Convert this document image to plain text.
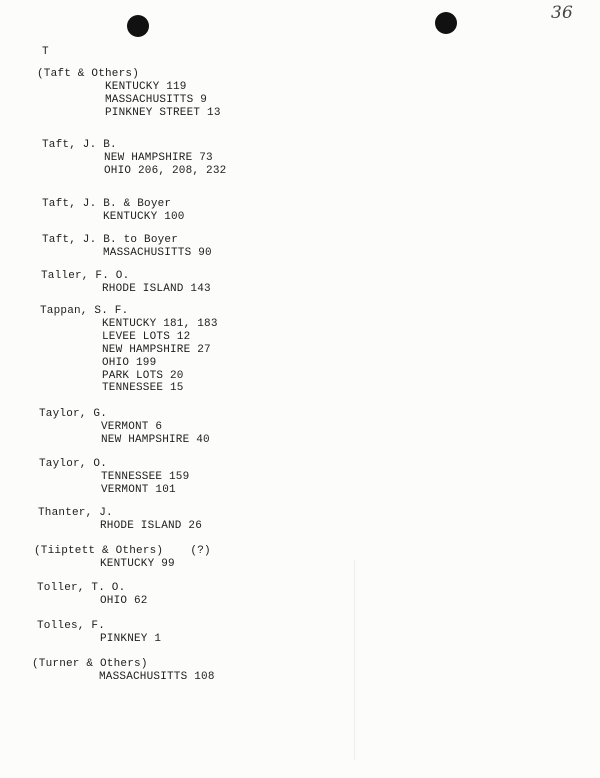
36
T
(Taft & Others)
KENTUCKY 119
MASSACHUSITTS 9
PINKNEY STREET 13
Taft, J. B.
NEW HAMPSHIRE 73
OHIO 206, 208, 232
Taft, J. B. & Boyer
KENTUCKY 100
Taft, J. B. to Boyer
MASSACHUSITTS 90
Taller, F. O.
RHODE ISLAND 143
Tappan, S. F.
KENTUCKY 181, 183
LEVEE LOTS 12
NEW HAMPSHIRE 27
OHIO 199
PARK LOTS 20
TENNESSEE 15
Taylor, G.
VERMONT 6
NEW HAMPSHIRE 40
Taylor, O.
TENNESSEE 159
VERMONT 101
Thanter, J.
RHODE ISLAND 26
(Tiiptett & Others)    (?)
KENTUCKY 99
Toller, T. O.
OHIO 62
Tolles, F.
PINKNEY 1
(Turner & Others)
MASSACHUSITTS 108
